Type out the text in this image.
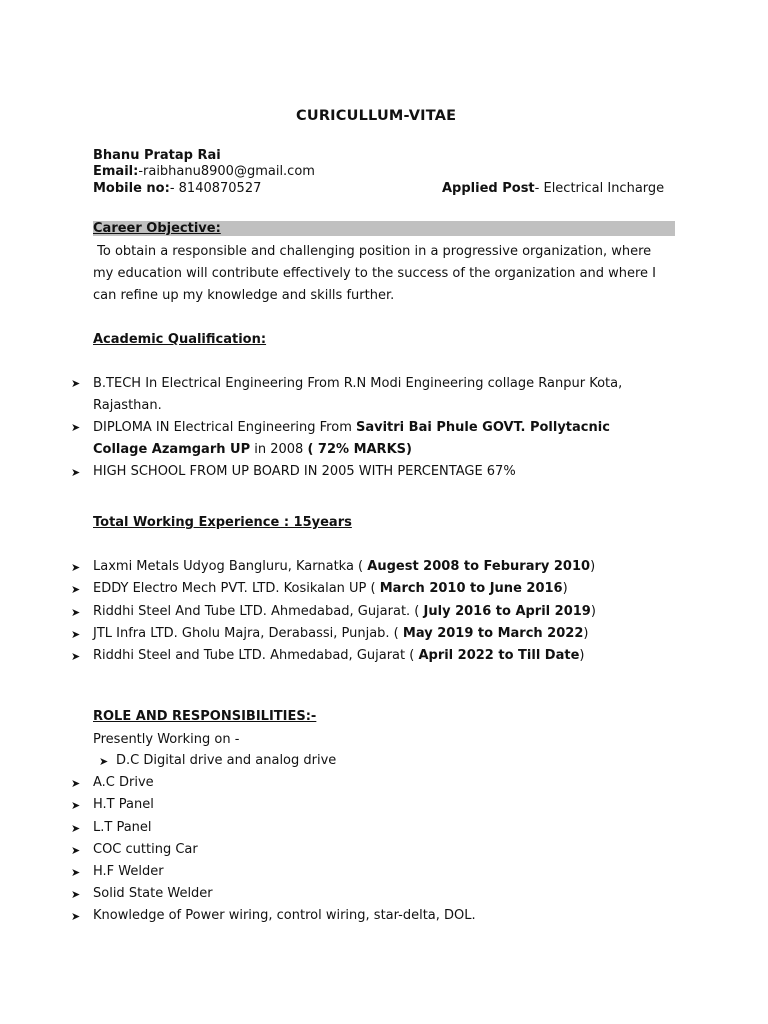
CURICULLUM-VITAE
Bhanu Pratap Rai
Email:-raibhanu8900@gmail.com
Mobile no:- 8140870527	Applied Post- Electrical Incharge
Career Objective:
To obtain a responsible and challenging position in a progressive organization, where
my education will contribute effectively to the success of the organization and where I
can refine up my knowledge and skills further.
Academic Qualification:
➤ B.TECH In Electrical Engineering From R.N Modi Engineering collage Ranpur Kota,
Rajasthan.
➤ DIPLOMA IN Electrical Engineering From Savitri Bai Phule GOVT. Pollytacnic
Collage Azamgarh UP in 2008 ( 72% MARKS)
➤ HIGH SCHOOL FROM UP BOARD IN 2005 WITH PERCENTAGE 67%
Total Working Experience : 15years
➤ Laxmi Metals Udyog Bangluru, Karnatka ( Augest 2008 to Feburary 2010)
➤ EDDY Electro Mech PVT. LTD. Kosikalan UP ( March 2010 to June 2016)
➤ Riddhi Steel And Tube LTD. Ahmedabad, Gujarat. ( July 2016 to April 2019)
➤ JTL Infra LTD. Gholu Majra, Derabassi, Punjab. ( May 2019 to March 2022)
➤ Riddhi Steel and Tube LTD. Ahmedabad, Gujarat ( April 2022 to Till Date)
ROLE AND RESPONSIBILITIES:-
Presently Working on -
➤ D.C Digital drive and analog drive
➤ A.C Drive
➤ H.T Panel
➤ L.T Panel
➤ COC cutting Car
➤ H.F Welder
➤ Solid State Welder
➤ Knowledge of Power wiring, control wiring, star-delta, DOL.
